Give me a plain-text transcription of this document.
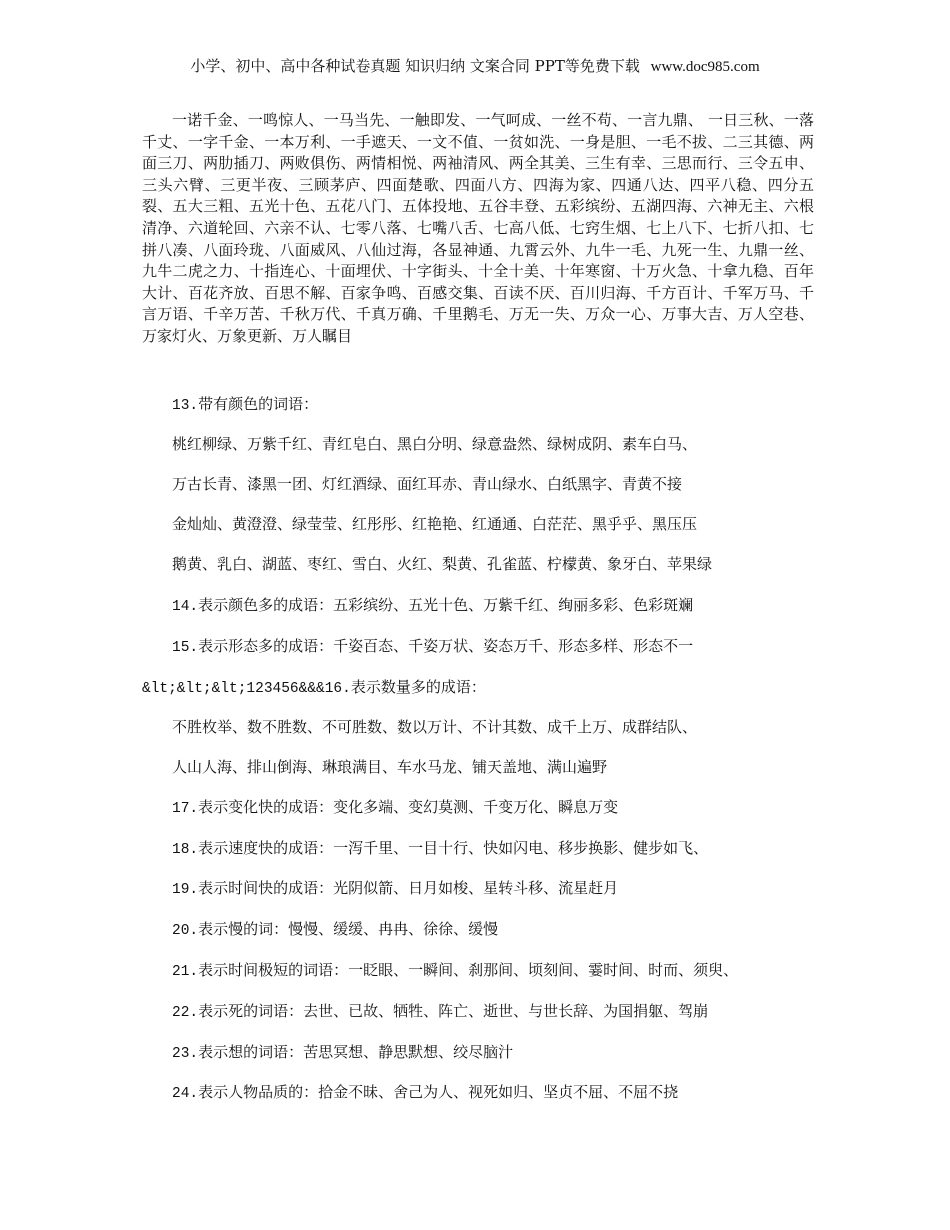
小学、初中、高中各种试卷真题 知识归纳 文案合同 PPT等免费下载 www.doc985.com

一诺千金、一鸣惊人、一马当先、一触即发、一气呵成、一丝不苟、一言九鼎、 一日三秋、一落千丈、一字千金、一本万利、一手遮天、一文不值、一贫如洗、一身是胆、一毛不拔、二三其德、两面三刀、两肋插刀、两败俱伤、两情相悦、两袖清风、两全其美、三生有幸、三思而行、三令五申、三头六臂、三更半夜、三顾茅庐、四面楚歌、四面八方、四海为家、四通八达、四平八稳、四分五裂、五大三粗、五光十色、五花八门、五体投地、五谷丰登、五彩缤纷、五湖四海、六神无主、六根清净、六道轮回、六亲不认、七零八落、七嘴八舌、七高八低、七窍生烟、七上八下、七折八扣、七拼八凑、八面玲珑、八面威风、八仙过海，各显神通、九霄云外、九牛一毛、九死一生、九鼎一丝、九牛二虎之力、十指连心、十面埋伏、十字街头、十全十美、十年寒窗、十万火急、十拿九稳、百年大计、百花齐放、百思不解、百家争鸣、百感交集、百读不厌、百川归海、千方百计、千军万马、千言万语、千辛万苦、千秋万代、千真万确、千里鹅毛、万无一失、万众一心、万事大吉、万人空巷、万家灯火、万象更新、万人瞩目

13.带有颜色的词语：
桃红柳绿、万紫千红、青红皂白、黑白分明、绿意盎然、绿树成阴、素车白马、
万古长青、漆黑一团、灯红酒绿、面红耳赤、青山绿水、白纸黑字、青黄不接
金灿灿、黄澄澄、绿莹莹、红彤彤、红艳艳、红通通、白茫茫、黑乎乎、黑压压
鹅黄、乳白、湖蓝、枣红、雪白、火红、梨黄、孔雀蓝、柠檬黄、象牙白、苹果绿
14.表示颜色多的成语：五彩缤纷、五光十色、万紫千红、绚丽多彩、色彩斑斓
15.表示形态多的成语：千姿百态、千姿万状、姿态万千、形态多样、形态不一
&lt;&lt;&lt;123456&&&16.表示数量多的成语：
不胜枚举、数不胜数、不可胜数、数以万计、不计其数、成千上万、成群结队、
人山人海、排山倒海、琳琅满目、车水马龙、铺天盖地、满山遍野
17.表示变化快的成语：变化多端、变幻莫测、千变万化、瞬息万变
18.表示速度快的成语：一泻千里、一目十行、快如闪电、移步换影、健步如飞、
19.表示时间快的成语：光阴似箭、日月如梭、星转斗移、流星赶月
20.表示慢的词：慢慢、缓缓、冉冉、徐徐、缓慢
21.表示时间极短的词语：一眨眼、一瞬间、刹那间、顷刻间、霎时间、时而、须臾、
22.表示死的词语：去世、已故、牺牲、阵亡、逝世、与世长辞、为国捐躯、驾崩
23.表示想的词语：苦思冥想、静思默想、绞尽脑汁
24.表示人物品质的：拾金不昧、舍己为人、视死如归、坚贞不屈、不屈不挠
